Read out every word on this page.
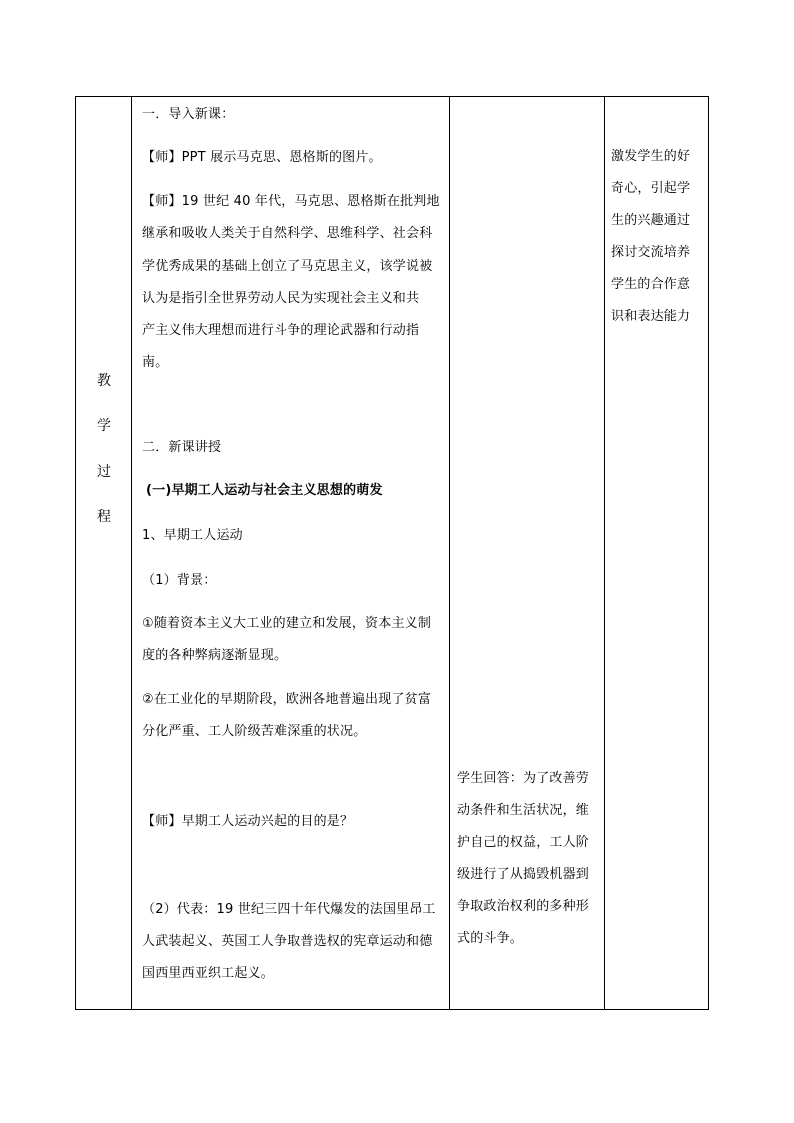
教
学
过
程
一．导入新课：
【师】PPT 展示马克思、恩格斯的图片。
【师】19 世纪 40 年代，马克思、恩格斯在批判地
继承和吸收人类关于自然科学、思维科学、社会科
学优秀成果的基础上创立了马克思主义，该学说被
认为是指引全世界劳动人民为实现社会主义和共
产主义伟大理想而进行斗争的理论武器和行动指
南。
二．新课讲授
(一)早期工人运动与社会主义思想的萌发
1、早期工人运动
（1）背景：
①随着资本主义大工业的建立和发展，资本主义制
度的各种弊病逐渐显现。
②在工业化的早期阶段，欧洲各地普遍出现了贫富
分化严重、工人阶级苦难深重的状况。
【师】早期工人运动兴起的目的是？
（2）代表：19 世纪三四十年代爆发的法国里昂工
人武装起义、英国工人争取普选权的宪章运动和德
国西里西亚织工起义。
学生回答：为了改善劳
动条件和生活状况，维
护自己的权益，工人阶
级进行了从捣毁机器到
争取政治权利的多种形
式的斗争。
激发学生的好
奇心，引起学
生的兴趣通过
探讨交流培养
学生的合作意
识和表达能力
